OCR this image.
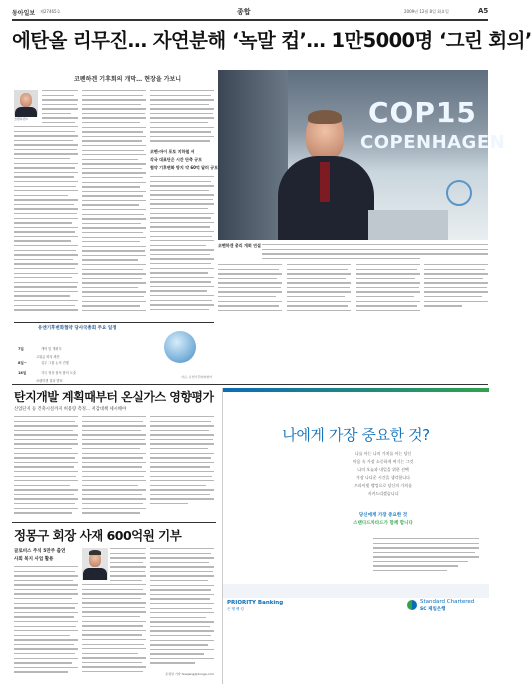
동아일보 제27465호	종합	2009년 12월 8일 화요일	A5
에탄올 리무진… 자연분해 ‘녹말 컵’… 1만5000명 ‘그린 회의’
코펜하겐 기후회의 개막… 현장을 가보니
코펜하겐=
코펜-마이 포토 지하철 서
각국 대표단은 시간 단축 규모
협약 기후변화 방지 약 60억 달러 규모
COP15
COPENHAGEN
코펜하겐 총리 개회 연설
유엔기후변화협약 당사국총회 주요 일정
7일	개막 및 개회식
고위급 회의 세션
8일~	실무 그룹 논의 진행
18일	각국 정상 참석 합의 도출
코펜하겐 결과 발표
자료: 유엔기후변화협약
탄지개발 계획때부터 온실가스 영향평가
신업단지 등 건축시설까지 허용량 측정… 저감대책 세시해야
정몽구 회장 사재 600억원 기부
글로비스 주식 5만주 출연
사회 복지 사업 활용
조정일 기자 hisajang@donga.com
나에게 가장 중요한 것?
나를 아는 나의 가치를 아는 당신
마음 속 가장 소중하게 여기는 그것
나의 오늘과 내일을 위한 선택
가장 나다운 시간을 생각합니다
프라이빗 뱅킹으로 당신의 가치를
지켜드리겠습니다
당신에게 가장 중요한 것
스탠다드차타드가 함께 합니다
PRIORITY Banking
은 행 뱅 킹
Standard Chartered
SC 제일은행
